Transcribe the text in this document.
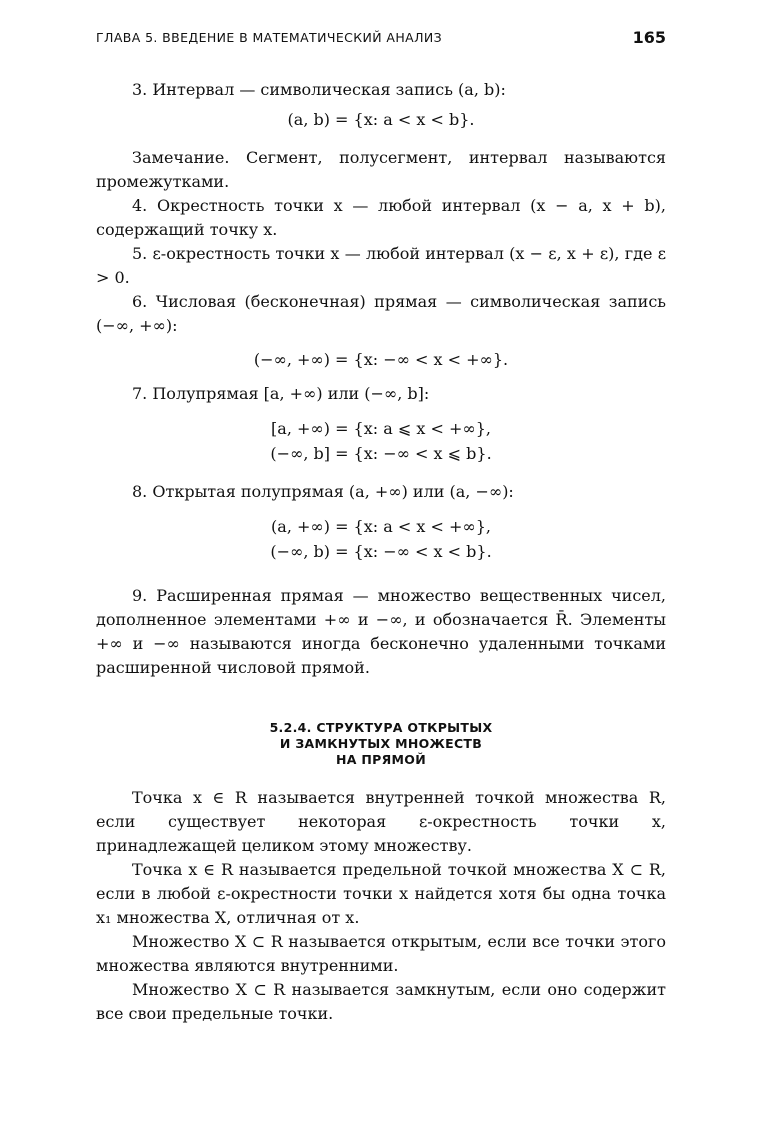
ГЛАВА 5. ВВЕДЕНИЕ В МАТЕМАТИЧЕСКИЙ АНАЛИЗ	165

3. Интервал — символическая запись (a, b):

(a, b) = {x: a < x < b}.

Замечание. Сегмент, полусегмент, интервал называются промежутками.

4. Окрестность точки x — любой интервал (x − a, x + b), содержащий точку x.

5. ε-окрестность точки x — любой интервал (x − ε, x + ε), где ε > 0.

6. Числовая (бесконечная) прямая — символическая запись (−∞, +∞):

(−∞, +∞) = {x: −∞ < x < +∞}.

7. Полупрямая [a, +∞) или (−∞, b]:

[a, +∞) = {x: a ⩽ x < +∞},
(−∞, b] = {x: −∞ < x ⩽ b}.

8. Открытая полупрямая (a, +∞) или (a, −∞):

(a, +∞) = {x: a < x < +∞},
(−∞, b) = {x: −∞ < x < b}.

9. Расширенная прямая — множество вещественных чисел, дополненное элементами +∞ и −∞, и обозначается R̄. Элементы +∞ и −∞ называются иногда бесконечно удаленными точками расширенной числовой прямой.

5.2.4. СТРУКТУРА ОТКРЫТЫХ
И ЗАМКНУТЫХ МНОЖЕСТВ
НА ПРЯМОЙ

Точка x ∈ R называется внутренней точкой множества R, если существует некоторая ε-окрестность точки x, принадлежащей целиком этому множеству.

Точка x ∈ R называется предельной точкой множества X ⊂ R, если в любой ε-окрестности точки x найдется хотя бы одна точка x₁ множества X, отличная от x.

Множество X ⊂ R называется открытым, если все точки этого множества являются внутренними.

Множество X ⊂ R называется замкнутым, если оно содержит все свои предельные точки.
